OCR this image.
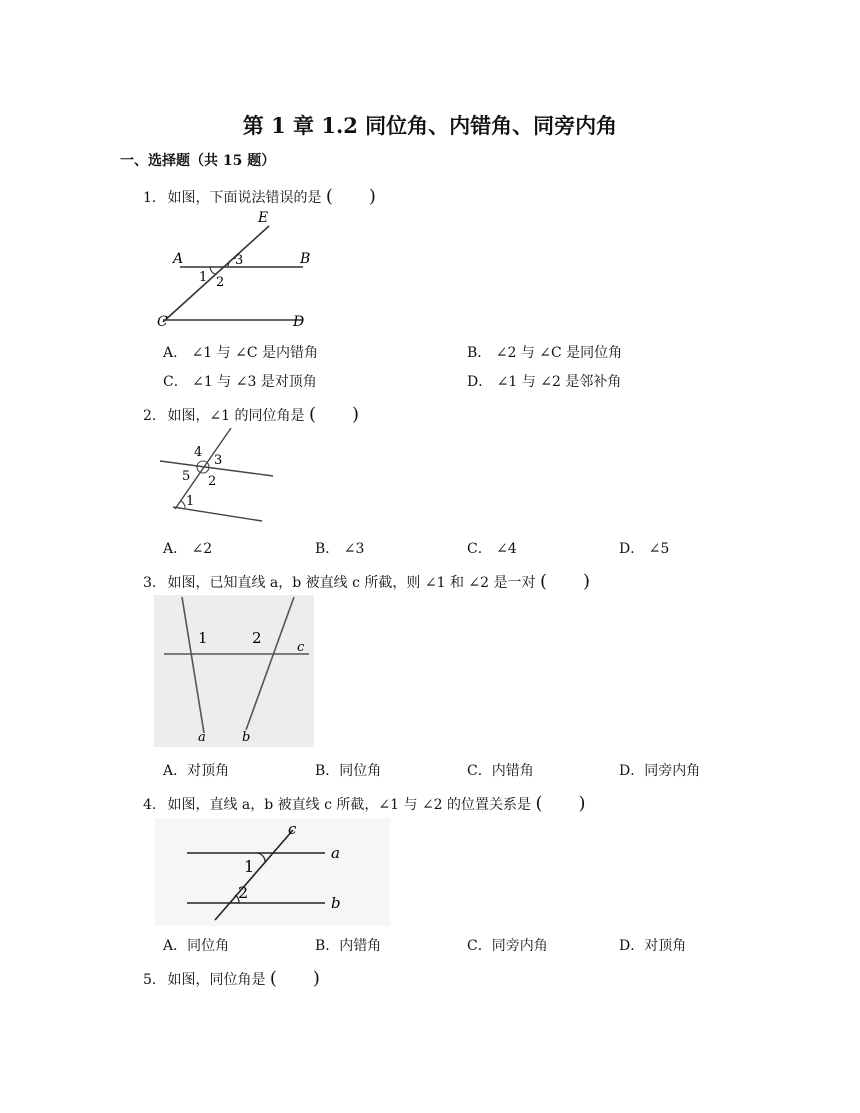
第 1 章 1.2 同位角、内错角、同旁内角
一、选择题（共 15 题）
1. 如图，下面说法错误的是 (　　)
E
A	B
C	D
1 2
3
A． ∠1 与 ∠C 是内错角	B． ∠2 与 ∠C 是同位角
C． ∠1 与 ∠3 是对顶角	D． ∠1 与 ∠2 是邻补角
2. 如图，∠1 的同位角是 (　　)
4
3
5 2
1
A． ∠2	B． ∠3	C． ∠4	D． ∠5
3. 如图，已知直线 a，b 被直线 c 所截，则 ∠1 和 ∠2 是一对 (　　)
1	2
c
a	b
A．对顶角	B．同位角	C．内错角	D．同旁内角
4. 如图，直线 a，b 被直线 c 所截，∠1 与 ∠2 的位置关系是 (　　)
c
a
b
1
2
A．同位角	B．内错角	C．同旁内角	D．对顶角
5. 如图，同位角是 (　　)
